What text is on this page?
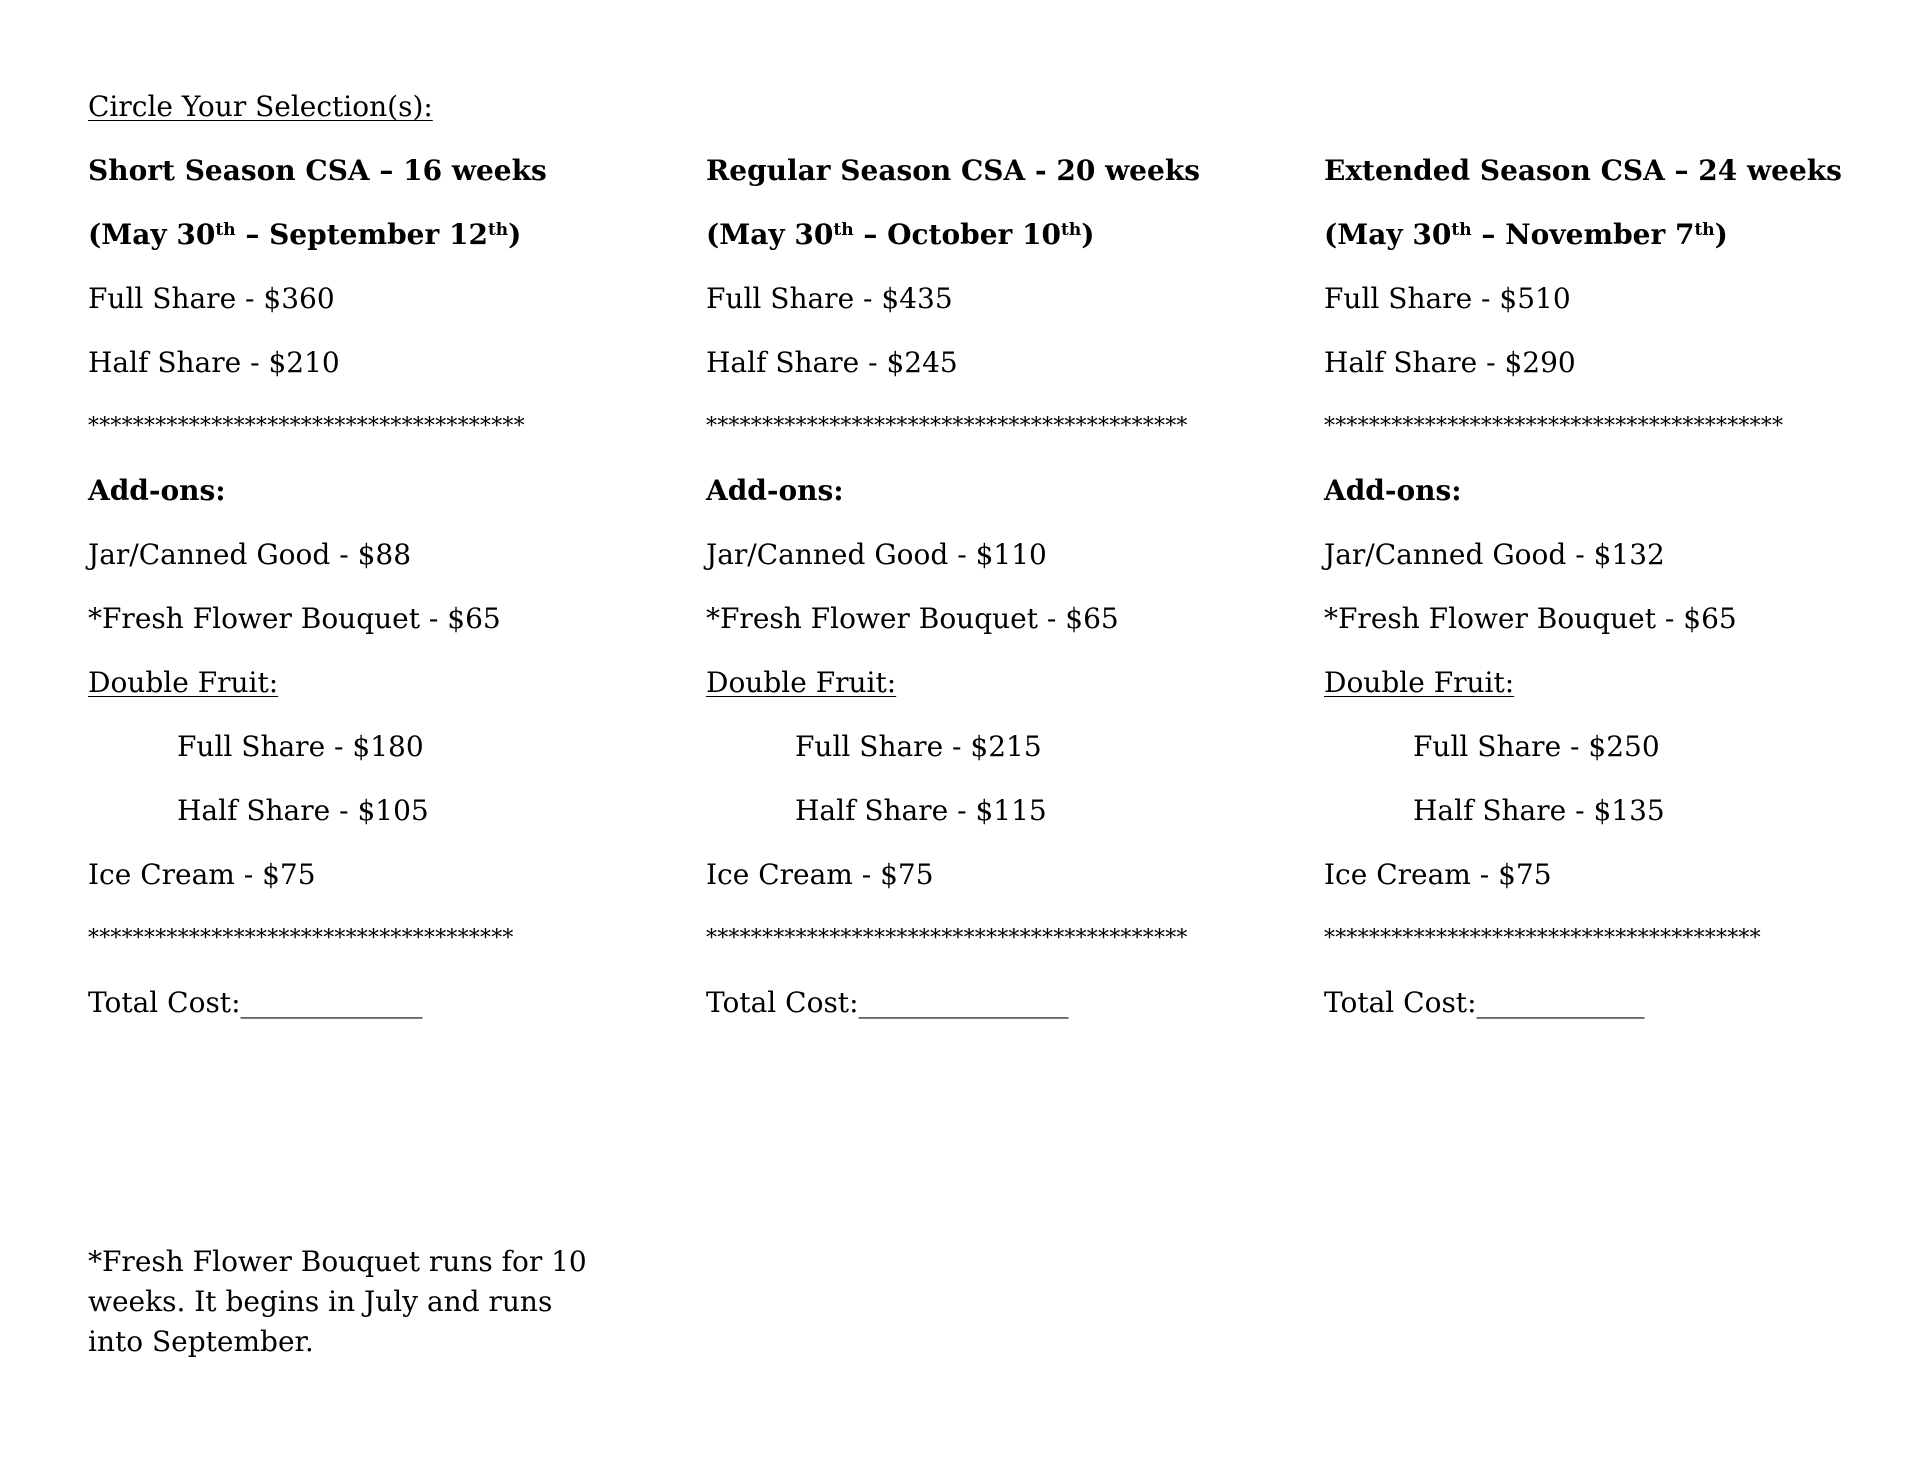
Circle Your Selection(s):
Short Season CSA – 16 weeks
(May 30th – September 12th)
Full Share - $360
Half Share - $210
***************************************
Add-ons:
Jar/Canned Good - $88
*Fresh Flower Bouquet - $65
Double Fruit:
Full Share - $180
Half Share - $105
Ice Cream - $75
**************************************
Total Cost:_____________
Regular Season CSA - 20 weeks
(May 30th – October 10th)
Full Share - $435
Half Share - $245
*******************************************
Add-ons:
Jar/Canned Good - $110
*Fresh Flower Bouquet - $65
Double Fruit:
Full Share - $215
Half Share - $115
Ice Cream - $75
*******************************************
Total Cost:_______________
Extended Season CSA – 24 weeks
(May 30th – November 7th)
Full Share - $510
Half Share - $290
*****************************************
Add-ons:
Jar/Canned Good - $132
*Fresh Flower Bouquet - $65
Double Fruit:
Full Share - $250
Half Share - $135
Ice Cream - $75
***************************************
Total Cost:____________
*Fresh Flower Bouquet runs for 10 weeks. It begins in July and runs into September.
